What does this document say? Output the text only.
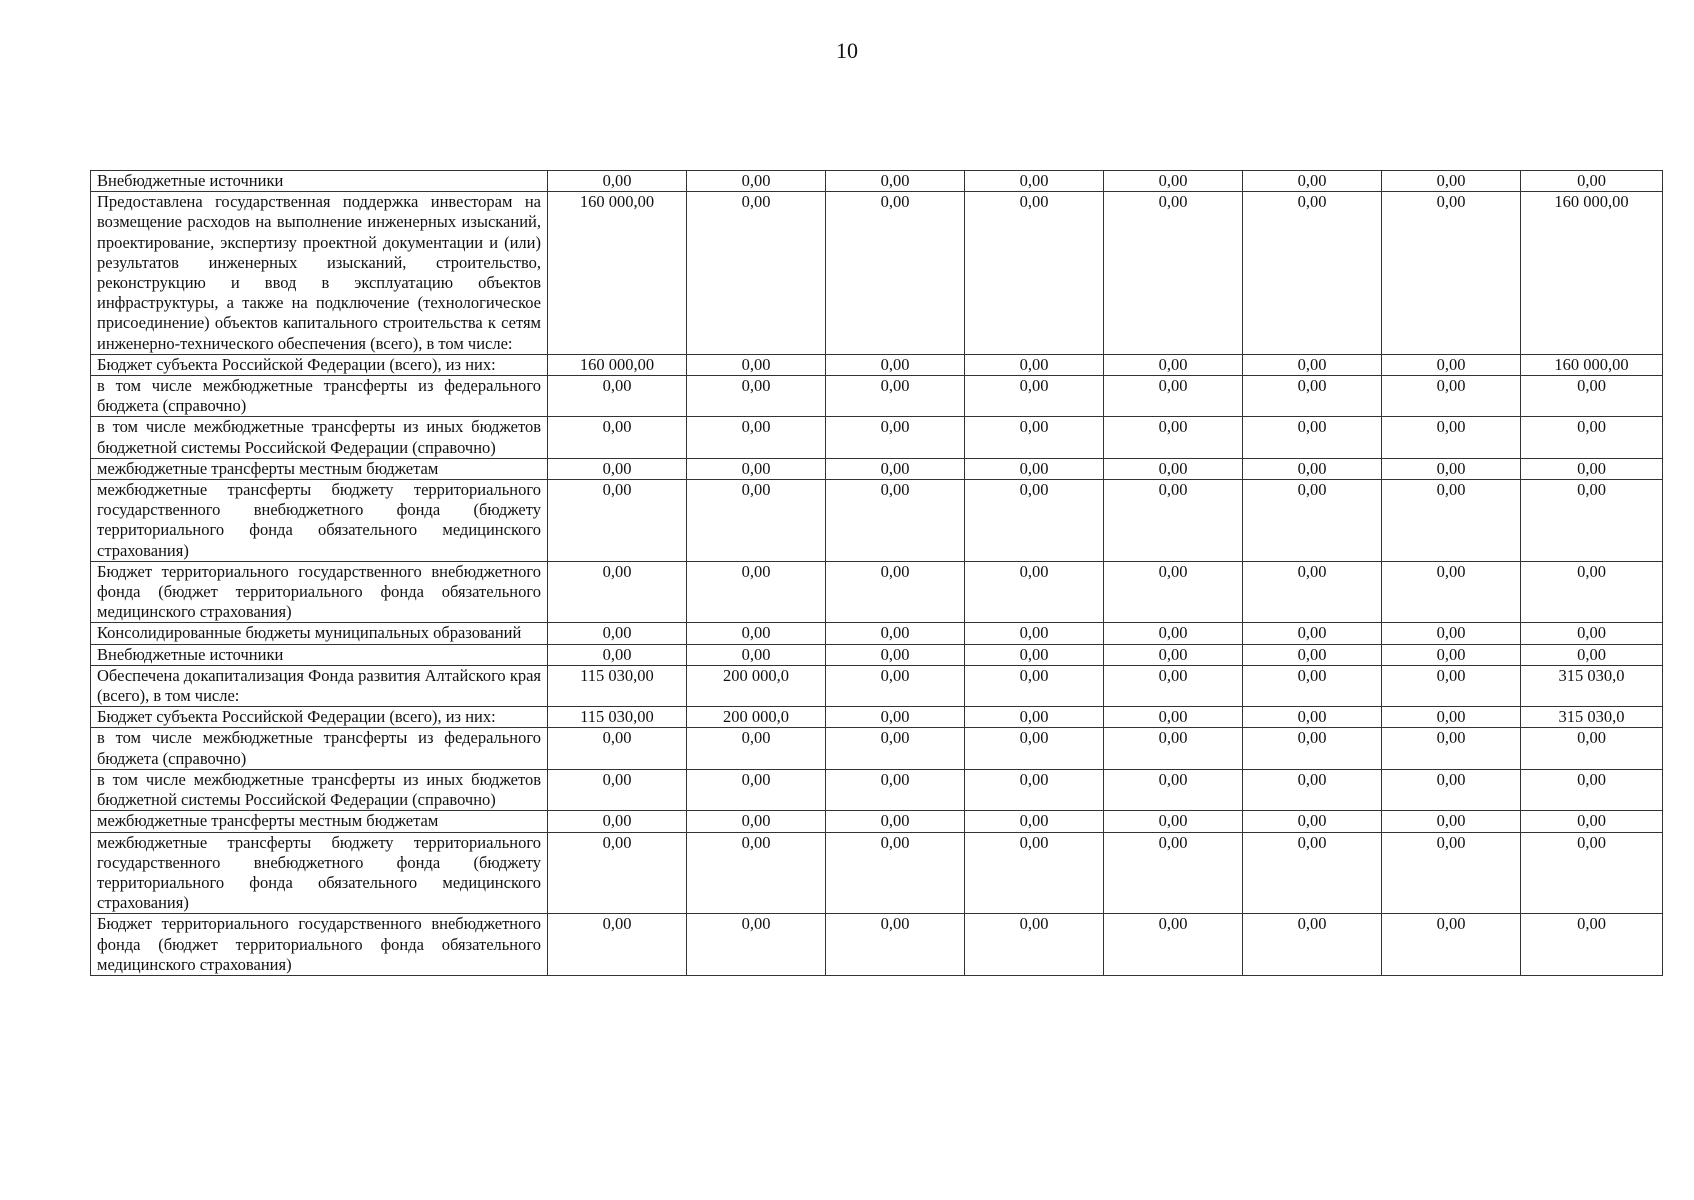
10
Внебюджетные источники	0,00	0,00	0,00	0,00	0,00	0,00	0,00	0,00
Предоставлена государственная поддержка инвесторам на возмещение расходов на выполнение инженерных изысканий, проектирование, экспертизу проектной документации и (или) результатов инженерных изысканий, строительство, реконструкцию и ввод в эксплуатацию объектов инфраструктуры, а также на подключение (технологическое присоединение) объектов капитального строительства к сетям инженерно-технического обеспечения (всего), в том числе:	160 000,00	0,00	0,00	0,00	0,00	0,00	0,00	160 000,00
Бюджет субъекта Российской Федерации (всего), из них:	160 000,00	0,00	0,00	0,00	0,00	0,00	0,00	160 000,00
в том числе межбюджетные трансферты из федерального бюджета (справочно)	0,00	0,00	0,00	0,00	0,00	0,00	0,00	0,00
в том числе межбюджетные трансферты из иных бюджетов бюджетной системы Российской Федерации (справочно)	0,00	0,00	0,00	0,00	0,00	0,00	0,00	0,00
межбюджетные трансферты местным бюджетам	0,00	0,00	0,00	0,00	0,00	0,00	0,00	0,00
межбюджетные трансферты бюджету территориального государственного внебюджетного фонда (бюджету территориального фонда обязательного медицинского страхования)	0,00	0,00	0,00	0,00	0,00	0,00	0,00	0,00
Бюджет территориального государственного внебюджетного фонда (бюджет территориального фонда обязательного медицинского страхования)	0,00	0,00	0,00	0,00	0,00	0,00	0,00	0,00
Консолидированные бюджеты муниципальных образований	0,00	0,00	0,00	0,00	0,00	0,00	0,00	0,00
Внебюджетные источники	0,00	0,00	0,00	0,00	0,00	0,00	0,00	0,00
Обеспечена докапитализация Фонда развития Алтайского края (всего), в том числе:	115 030,00	200 000,0	0,00	0,00	0,00	0,00	0,00	315 030,0
Бюджет субъекта Российской Федерации (всего), из них:	115 030,00	200 000,0	0,00	0,00	0,00	0,00	0,00	315 030,0
в том числе межбюджетные трансферты из федерального бюджета (справочно)	0,00	0,00	0,00	0,00	0,00	0,00	0,00	0,00
в том числе межбюджетные трансферты из иных бюджетов бюджетной системы Российской Федерации (справочно)	0,00	0,00	0,00	0,00	0,00	0,00	0,00	0,00
межбюджетные трансферты местным бюджетам	0,00	0,00	0,00	0,00	0,00	0,00	0,00	0,00
межбюджетные трансферты бюджету территориального государственного внебюджетного фонда (бюджету территориального фонда обязательного медицинского страхования)	0,00	0,00	0,00	0,00	0,00	0,00	0,00	0,00
Бюджет территориального государственного внебюджетного фонда (бюджет территориального фонда обязательного медицинского страхования)	0,00	0,00	0,00	0,00	0,00	0,00	0,00	0,00
